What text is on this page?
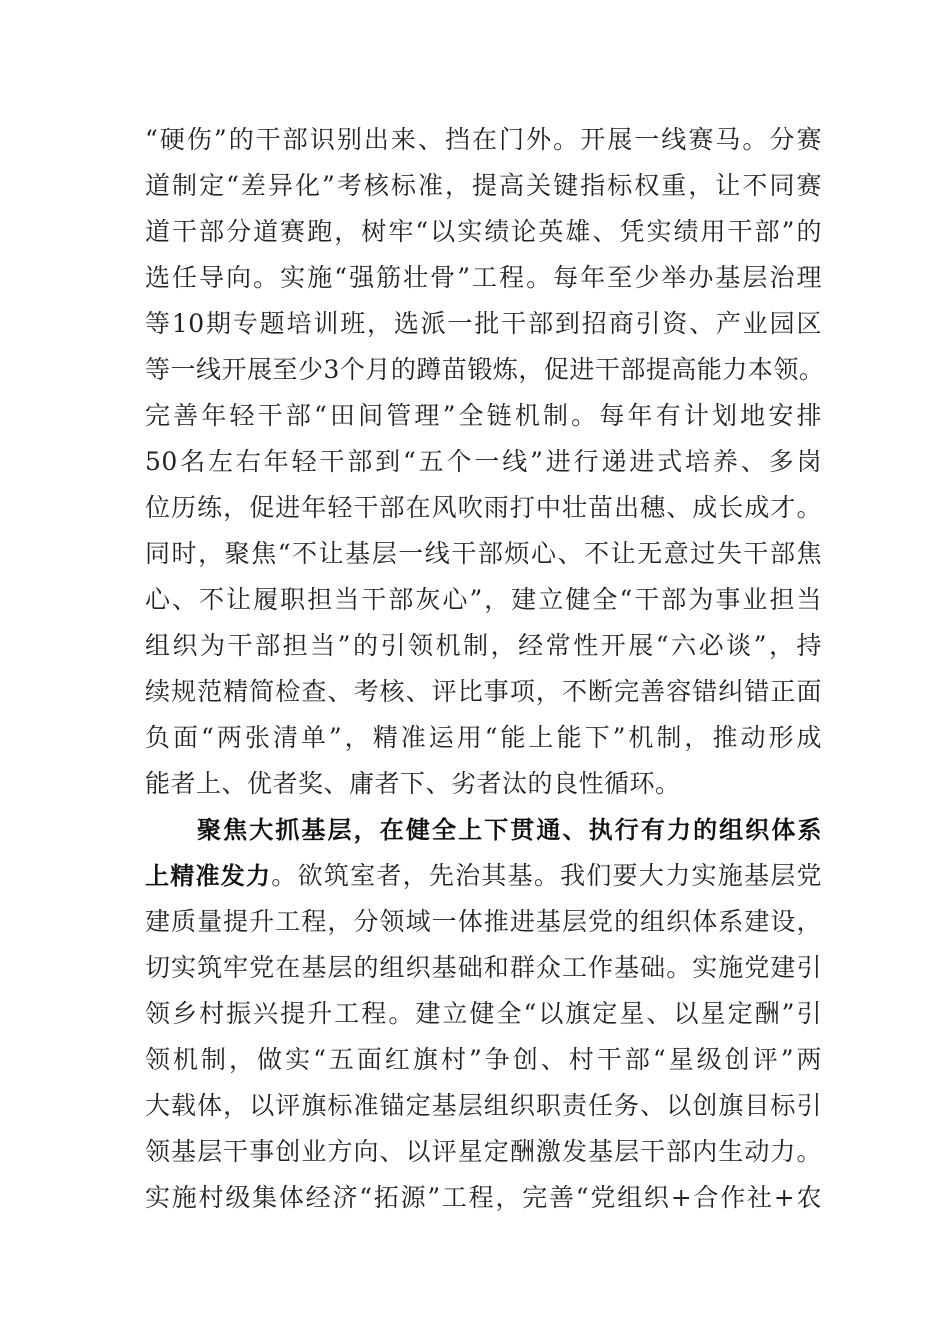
“硬伤”的干部识别出来、挡在门外。开展一线赛马。分赛
道制定“差异化”考核标准，提高关键指标权重，让不同赛
道干部分道赛跑，树牢“以实绩论英雄、凭实绩用干部”的
选任导向。实施“强筋壮骨”工程。每年至少举办基层治理
等10期专题培训班，选派一批干部到招商引资、产业园区
等一线开展至少3个月的蹲苗锻炼，促进干部提高能力本领。
完善年轻干部“田间管理”全链机制。每年有计划地安排
50名左右年轻干部到“五个一线”进行递进式培养、多岗
位历练，促进年轻干部在风吹雨打中壮苗出穗、成长成才。
同时，聚焦“不让基层一线干部烦心、不让无意过失干部焦
心、不让履职担当干部灰心”，建立健全“干部为事业担当
组织为干部担当”的引领机制，经常性开展“六必谈”，持
续规范精简检查、考核、评比事项，不断完善容错纠错正面
负面“两张清单”，精准运用“能上能下”机制，推动形成
能者上、优者奖、庸者下、劣者汰的良性循环。
聚焦大抓基层，在健全上下贯通、执行有力的组织体系
上精准发力。欲筑室者，先治其基。我们要大力实施基层党
建质量提升工程，分领域一体推进基层党的组织体系建设，
切实筑牢党在基层的组织基础和群众工作基础。实施党建引
领乡村振兴提升工程。建立健全“以旗定星、以星定酬”引
领机制，做实“五面红旗村”争创、村干部“星级创评”两
大载体，以评旗标准锚定基层组织职责任务、以创旗目标引
领基层干事创业方向、以评星定酬激发基层干部内生动力。
实施村级集体经济“拓源”工程，完善“党组织+合作社+农
